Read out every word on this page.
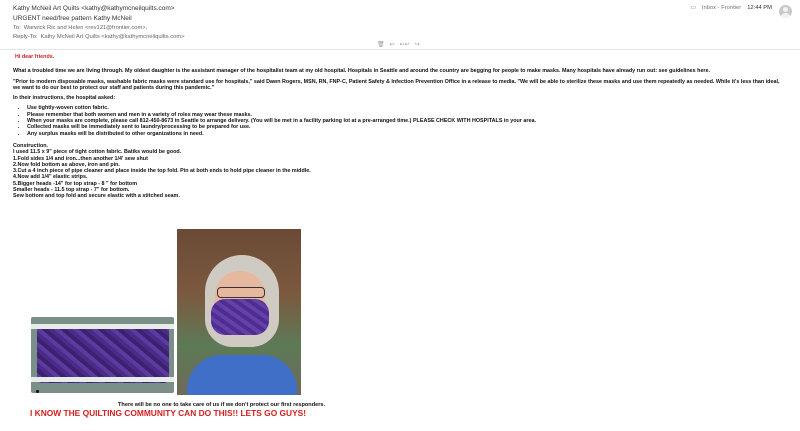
Kathy McNeil Art Quilts <kathy@kathymcneilquilts.com>
URGENT need/free pattern Kathy McNeil
To: Warwick Ric and Helen <rev121@frontier.com>,
Reply-To: Kathy McNeil Art Quilts <kathy@kathymcneilquilts.com>
▭ Inbox - Frontier 12:44 PM
🗑 ↩ ↩↩ ↪
Hi dear friends.
What a troubled time we are living through. My oldest daughter is the assistant manager of the hospitalist team at my old hospital. Hospitals in Seattle and around the country are begging for people to make masks. Many hospitals have already run out: see guidelines here.
"Prior to modern disposable masks, washable fabric masks were standard use for hospitals," said Dawn Rogers, MSN, RN, FNP-C, Patient Safety & Infection Prevention Office in a release to media. "We will be able to sterilize these masks and use them repeatedly as needed. While it's less than ideal, we want to do our best to protect our staff and patients during this pandemic."
In their instructions, the hospital asked:
• Use tightly-woven cotton fabric.
• Please remember that both women and men in a variety of roles may wear these masks.
• When your masks are complete, please call 812-450-8673 in Seattle to arrange delivery. (You will be met in a facility parking lot at a pre-arranged time.) PLEASE CHECK WITH HOSPITALS in your area.
• Collected masks will be immediately sent to laundry/processing to be prepared for use.
• Any surplus masks will be distributed to other organizations in need.
Construction.
I used 11.5 x 9" piece of tight cotton fabric. Batiks would be good.
1.Fold sides 1/4 and iron...then another 1/4' sew shut
2.Now fold bottom as above, iron and pin.
3.Cut a 4 inch piece of pipe cleaner and place inside the top fold. Pin at both ends to hold pipe cleaner in the middle.
4.Now add 1/4" elastic strips.
5.Bigger heads -14" for top strap - 8 " for bottom
Smaller heads - 11.5 top strap - 7" for bottom.
Sew bottom and top fold and secure elastic with a stitched seam.
There will be no one to take care of us if we don't protect our first responders.
I KNOW THE QUILTING COMMUNITY CAN DO THIS!! LETS GO GUYS!
